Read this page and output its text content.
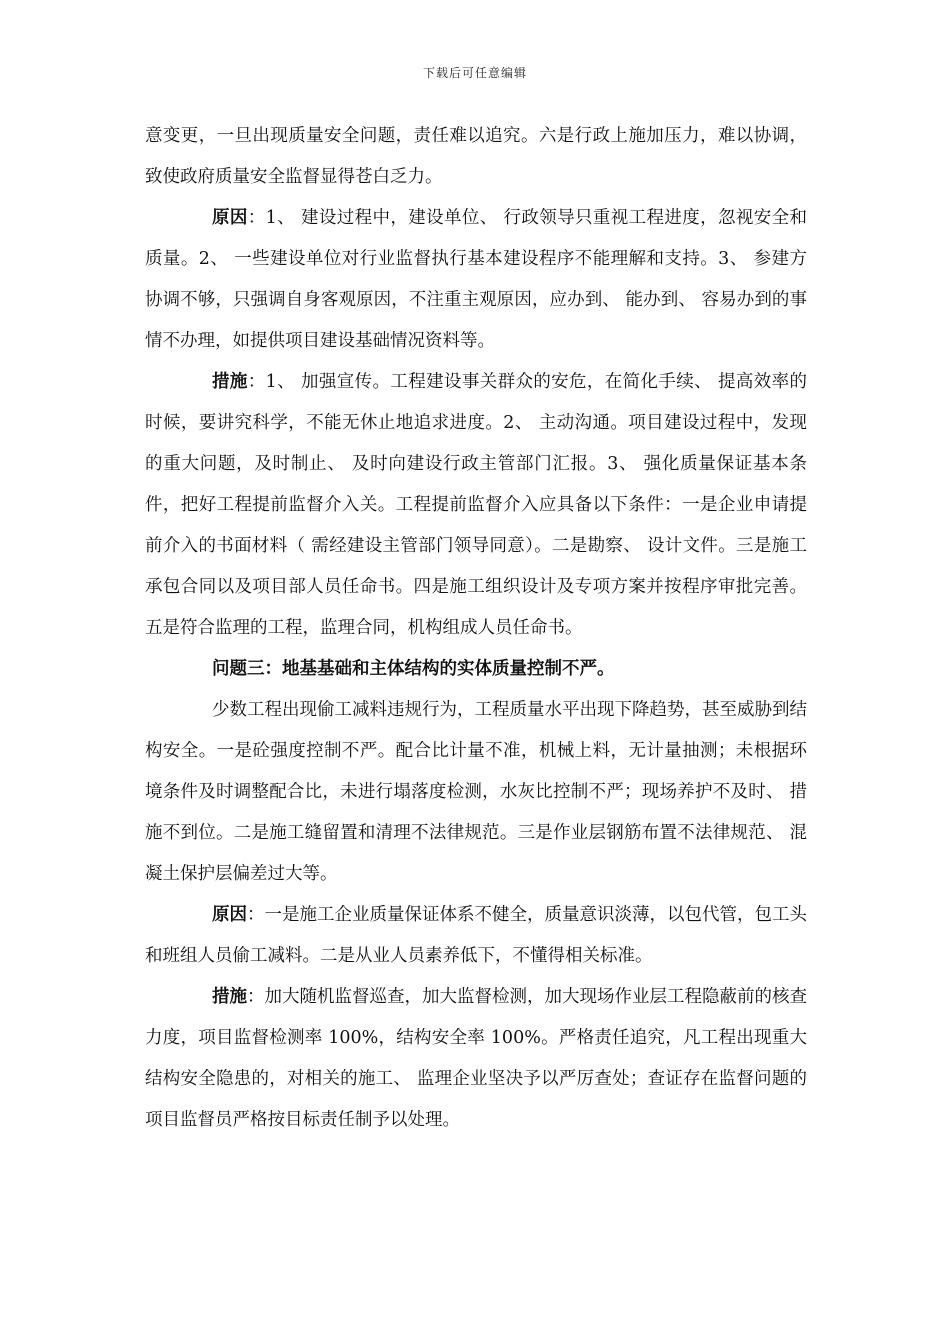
下载后可任意编辑

意变更，一旦出现质量安全问题，责任难以追究。六是行政上施加压力，难以协调，致使政府质量安全监督显得苍白乏力。

原因：1、 建设过程中，建设单位、 行政领导只重视工程进度，忽视安全和质量。2、 一些建设单位对行业监督执行基本建设程序不能理解和支持。3、 参建方协调不够，只强调自身客观原因，不注重主观原因，应办到、 能办到、 容易办到的事情不办理，如提供项目建设基础情况资料等。

措施：1、 加强宣传。工程建设事关群众的安危，在简化手续、 提高效率的时候，要讲究科学，不能无休止地追求进度。2、 主动沟通。项目建设过程中，发现的重大问题，及时制止、 及时向建设行政主管部门汇报。3、 强化质量保证基本条件，把好工程提前监督介入关。工程提前监督介入应具备以下条件：一是企业申请提前介入的书面材料（ 需经建设主管部门领导同意）。二是勘察、 设计文件。三是施工承包合同以及项目部人员任命书。四是施工组织设计及专项方案并按程序审批完善。五是符合监理的工程，监理合同，机构组成人员任命书。

问题三：地基基础和主体结构的实体质量控制不严。

少数工程出现偷工减料违规行为，工程质量水平出现下降趋势，甚至威胁到结构安全。一是砼强度控制不严。配合比计量不准，机械上料，无计量抽测；未根据环境条件及时调整配合比，未进行塌落度检测，水灰比控制不严；现场养护不及时、 措施不到位。二是施工缝留置和清理不法律规范。三是作业层钢筋布置不法律规范、 混凝土保护层偏差过大等。

原因：一是施工企业质量保证体系不健全，质量意识淡薄，以包代管，包工头和班组人员偷工减料。二是从业人员素养低下，不懂得相关标准。

措施：加大随机监督巡查，加大监督检测，加大现场作业层工程隐蔽前的核查力度，项目监督检测率 100%，结构安全率 100%。严格责任追究，凡工程出现重大结构安全隐患的，对相关的施工、 监理企业坚决予以严厉查处；查证存在监督问题的项目监督员严格按目标责任制予以处理。
